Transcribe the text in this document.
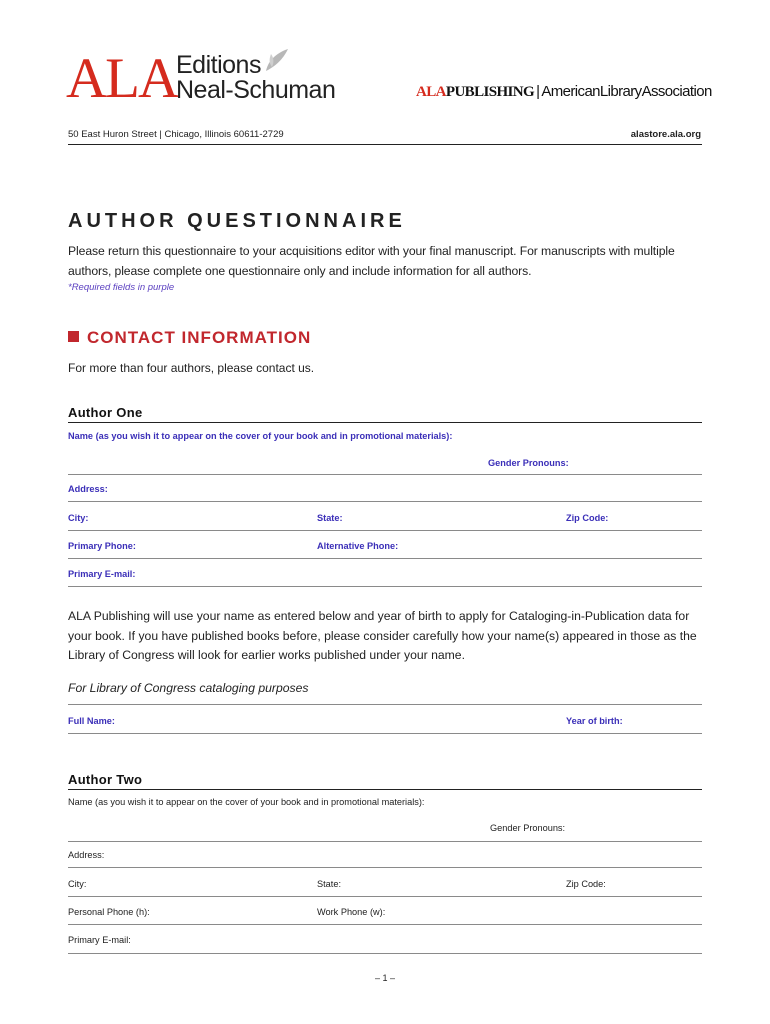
ALA
Editions
Neal-Schuman	ALAPUBLISHING | AmericanLibraryAssociation
50 East Huron Street | Chicago, Illinois 60611-2729	alastore.ala.org
AUTHOR QUESTIONNAIRE
Please return this questionnaire to your acquisitions editor with your final manuscript. For manuscripts with multiple authors, please complete one questionnaire only and include information for all authors.
*Required fields in purple
CONTACT INFORMATION
For more than four authors, please contact us.
Author One
Name (as you wish it to appear on the cover of your book and in promotional materials):
Gender Pronouns:
Address:
City:	State:	Zip Code:
Primary Phone:	Alternative Phone:
Primary E-mail:
ALA Publishing will use your name as entered below and year of birth to apply for Cataloging-in-Publication data for your book. If you have published books before, please consider carefully how your name(s) appeared in those as the Library of Congress will look for earlier works published under your name.
For Library of Congress cataloging purposes
Full Name:	Year of birth:
Author Two
Name (as you wish it to appear on the cover of your book and in promotional materials):
Gender Pronouns:
Address:
City:	State:	Zip Code:
Personal Phone (h):	Work Phone (w):
Primary E-mail:
– 1 –
